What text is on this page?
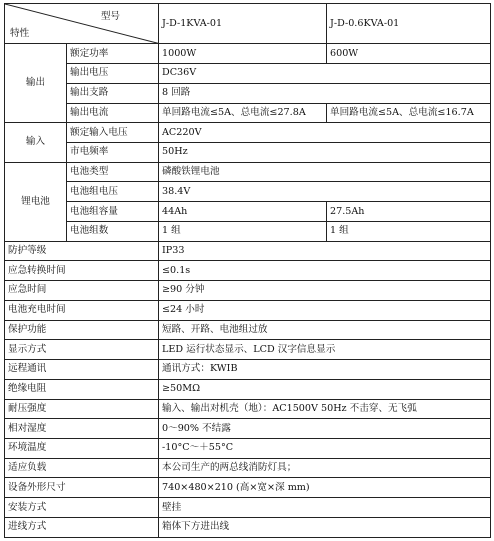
型号
特性		J-D-1KVA-01	J-D-0.6KVA-01
输出	额定功率	1000W	600W
	输出电压	DC36V	
	输出支路	8 回路	
	输出电流	单回路电流≤5A、总电流≤27.8A	单回路电流≤5A、总电流≤16.7A
输入	额定输入电压	AC220V	
	市电频率	50Hz	
锂电池	电池类型	磷酸铁锂电池	
	电池组电压	38.4V	
	电池组容量	44Ah	27.5Ah
	电池组数	1 组	1 组
防护等级		IP33	
应急转换时间		≤0.1s	
应急时间		≥90 分钟	
电池充电时间		≤24 小时	
保护功能		短路、开路、电池组过放	
显示方式		LED 运行状态显示、LCD 汉字信息显示	
远程通讯		通讯方式：KWIB	
绝缘电阻		≥50MΩ	
耐压强度		输入、输出对机壳（地）：AC1500V 50Hz 不击穿、无飞弧	
相对湿度		0～90% 不结露	
环境温度		-10°C～＋55°C	
适应负载		本公司生产的两总线消防灯具；	
设备外形尺寸		740×480×210 (高×宽×深 mm)	
安装方式		壁挂	
进线方式		箱体下方进出线	
